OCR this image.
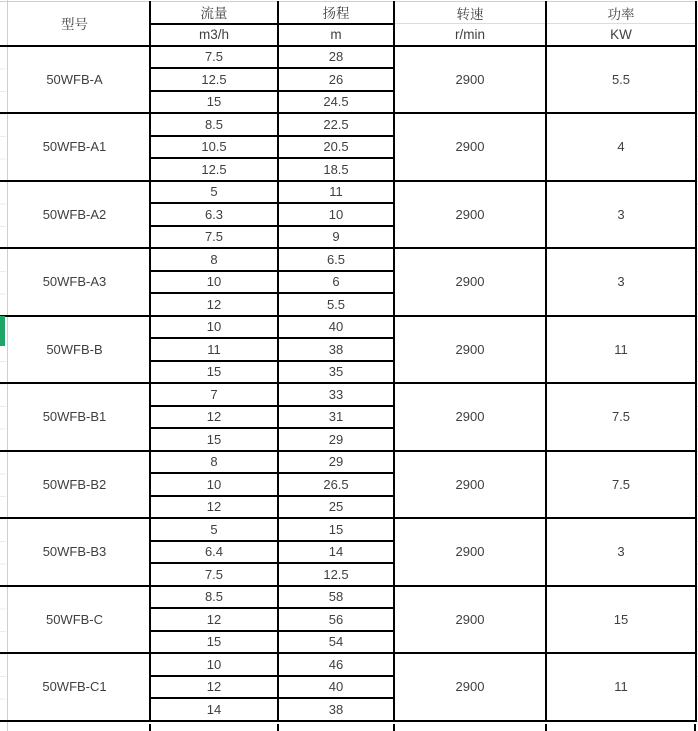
型号	流量	扬程	转速	功率
	m3/h	m	r/min	KW
50WFB-A	7.5	28	2900	5.5
	12.5	26		
	15	24.5		
50WFB-A1	8.5	22.5	2900	4
	10.5	20.5		
	12.5	18.5		
50WFB-A2	5	11	2900	3
	6.3	10		
	7.5	9		
50WFB-A3	8	6.5	2900	3
	10	6		
	12	5.5		
50WFB-B	10	40	2900	11
	11	38		
	15	35		
50WFB-B1	7	33	2900	7.5
	12	31		
	15	29		
50WFB-B2	8	29	2900	7.5
	10	26.5		
	12	25		
50WFB-B3	5	15	2900	3
	6.4	14		
	7.5	12.5		
50WFB-C	8.5	58	2900	15
	12	56		
	15	54		
50WFB-C1	10	46	2900	11
	12	40		
	14	38		
